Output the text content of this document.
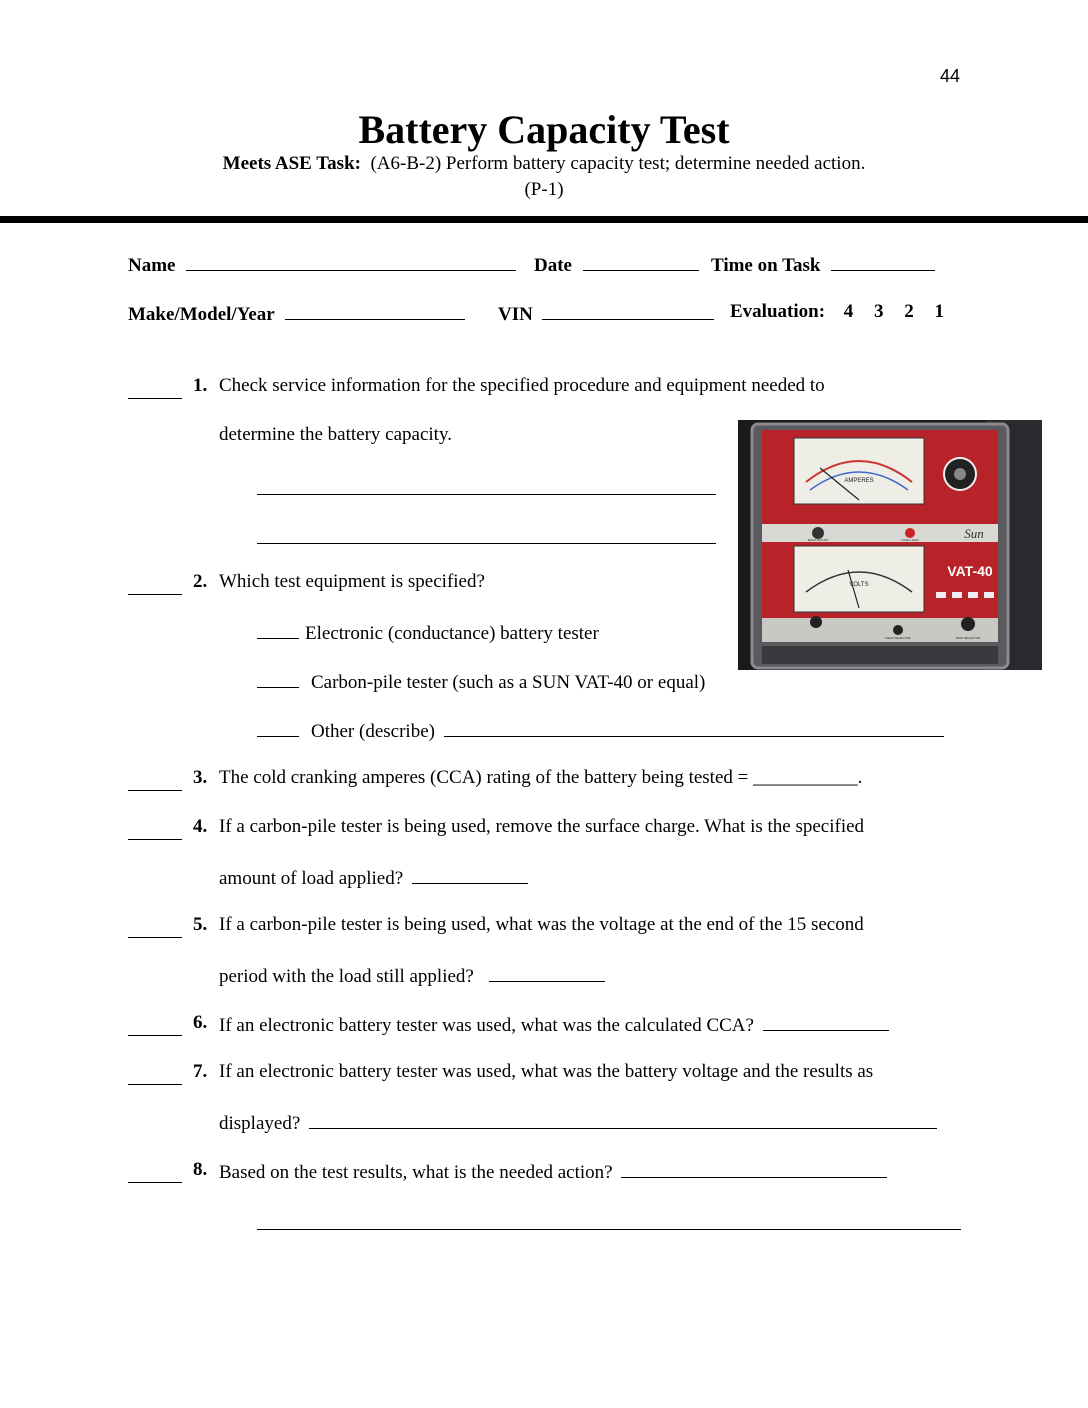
44
Battery Capacity Test
Meets ASE Task: (A6-B-2) Perform battery capacity test; determine needed action.
(P-1)
Name	Date	Time on Task
Make/Model/Year	VIN	Evaluation: 4 3 2 1
1. Check service information for the specified procedure and equipment needed to
determine the battery capacity.
AMPERES
Sun
ZERO ADJUST	LOAD LIGHT
VOLTS
VAT-40
FIELD SELECTOR	TEST SELECTOR
2. Which test equipment is specified?
Electronic (conductance) battery tester
Carbon-pile tester (such as a SUN VAT-40 or equal)
Other (describe)
3. The cold cranking amperes (CCA) rating of the battery being tested = ___________.
4. If a carbon-pile tester is being used, remove the surface charge. What is the specified
amount of load applied?
5. If a carbon-pile tester is being used, what was the voltage at the end of the 15 second
period with the load still applied?
6. If an electronic battery tester was used, what was the calculated CCA?
7. If an electronic battery tester was used, what was the battery voltage and the results as
displayed?
8. Based on the test results, what is the needed action?
